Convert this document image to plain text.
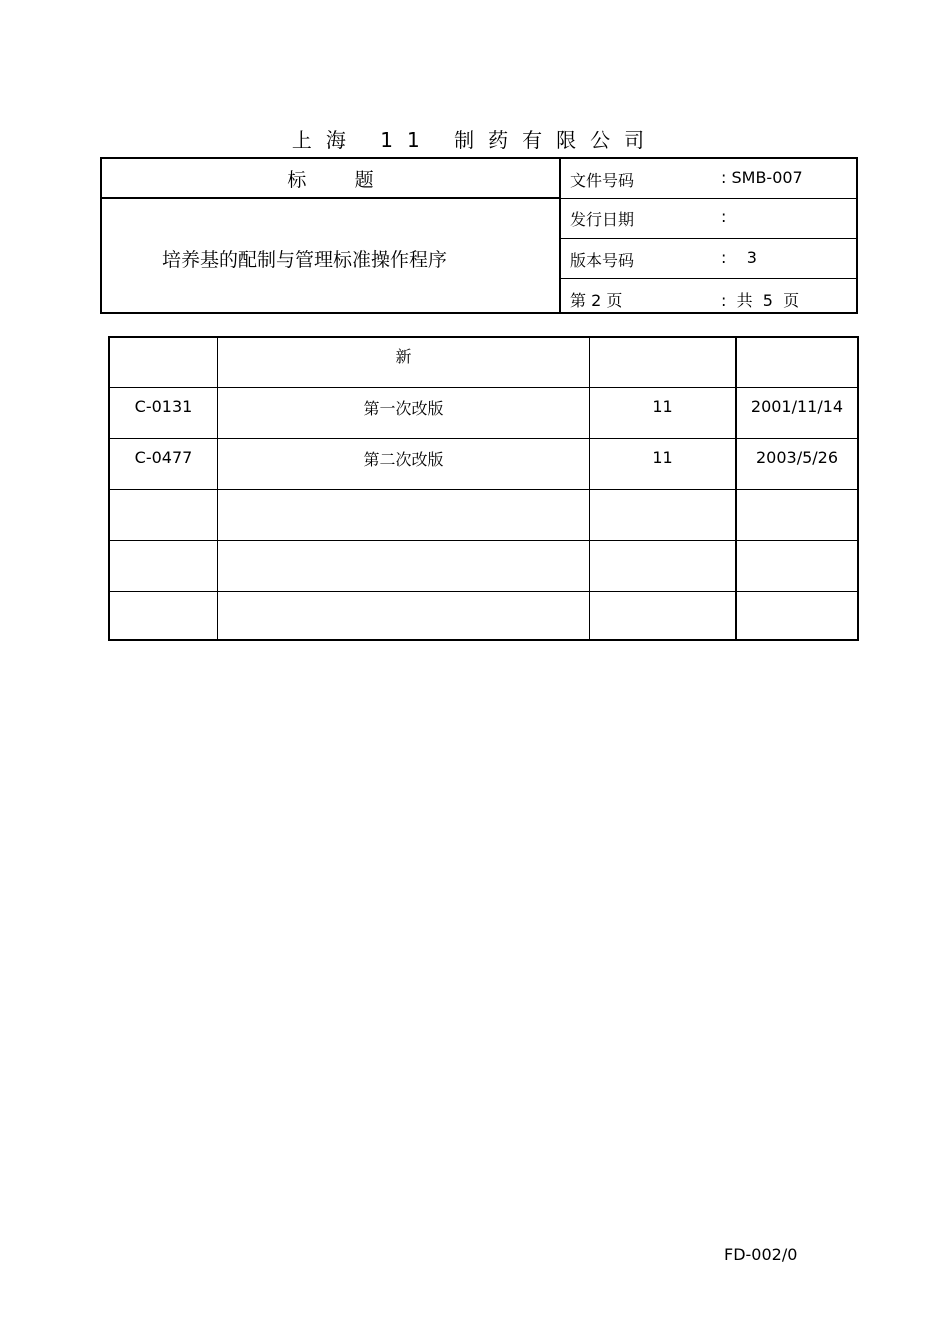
上海 11 制药有限公司
标        题
培养基的配制与管理标准操作程序
文件号码	: SMB-007
发行日期	:
版本号码	:    3
第 2 页	:  共  5  页
新
C-0131	第一次改版	11	2001/11/14
C-0477	第二次改版	11	2003/5/26
FD-002/0
